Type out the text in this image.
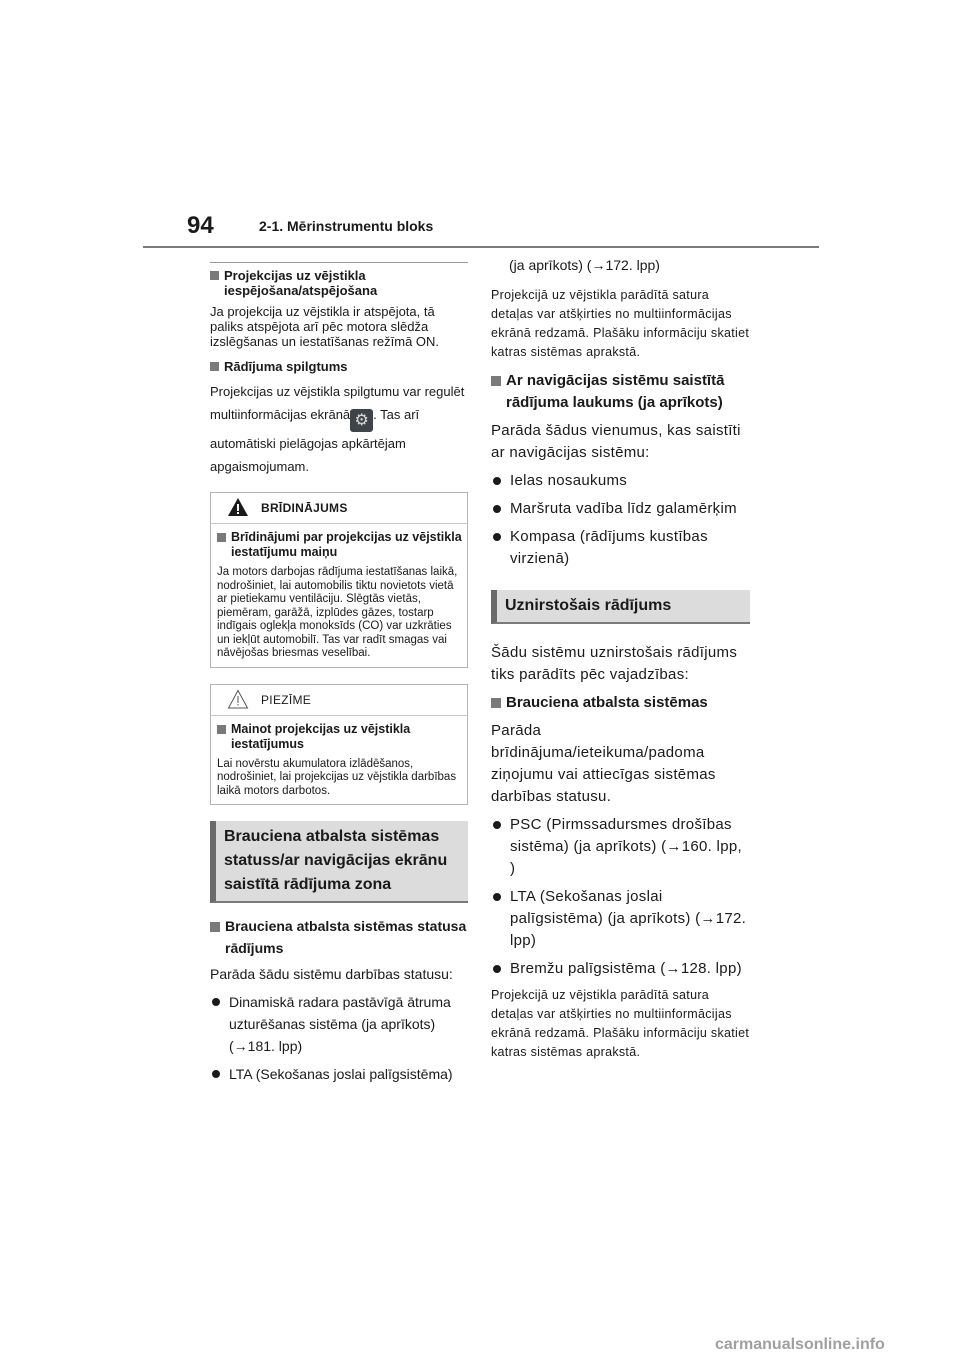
94	2-1. Mērinstrumentu bloks
Projekcijas uz vējstikla iespējošana/atspējošana

Ja projekcija uz vējstikla ir atspējota, tā paliks atspējota arī pēc motora slēdža izslēgšanas un iestatīšanas režīmā ON.

Rādījuma spilgtums

Projekcijas uz vējstikla spilgtumu var regulēt multiinformācijas ekrānā ⚙ . Tas arī automātiski pielāgojas apkārtējam apgaismojumam.

BRĪDINĀJUMS
Brīdinājumi par projekcijas uz vējstikla iestatījumu maiņu
Ja motors darbojas rādījuma iestatīšanas laikā, nodrošiniet, lai automobilis tiktu novietots vietā ar pietiekamu ventilāciju. Slēgtās vietās, piemēram, garāžā, izplūdes gāzes, tostarp indīgais oglekļa monoksīds (CO) var uzkrāties un iekļūt automobilī. Tas var radīt smagas vai nāvējošas briesmas veselībai.
PIEZĪME
Mainot projekcijas uz vējstikla iestatījumus
Lai novērstu akumulatora izlādēšanos, nodrošiniet, lai projekcijas uz vējstikla darbības laikā motors darbotos.
Brauciena atbalsta sistēmas statuss/ar navigācijas ekrānu saistītā rādījuma zona
Brauciena atbalsta sistēmas statusa rādījums

Parāda šādu sistēmu darbības statusu:

Dinamiskā radara pastāvīgā ātruma uzturēšanas sistēma (ja aprīkots) (→181. lpp)
LTA (Sekošanas joslai palīgsistēma)

(ja aprīkots) (→172. lpp)

Projekcijā uz vējstikla parādītā satura detaļas var atšķirties no multiinformācijas ekrānā redzamā. Plašāku informāciju skatiet katras sistēmas aprakstā.

Ar navigācijas sistēmu saistītā rādījuma laukums (ja aprīkots)

Parāda šādus vienumus, kas saistīti ar navigācijas sistēmu:

Ielas nosaukums
Maršruta vadība līdz galamērķim
Kompasa (rādījums kustības virzienā)
Uznirstošais rādījums

Šādu sistēmu uznirstošais rādījums tiks parādīts pēc vajadzības:

Brauciena atbalsta sistēmas

Parāda brīdinājuma/ieteikuma/padoma ziņojumu vai attiecīgas sistēmas darbības statusu.

PSC (Pirmssadursmes drošības sistēma) (ja aprīkots) (→160. lpp, )
LTA (Sekošanas joslai palīgsistēma) (ja aprīkots) (→172. lpp)
Bremžu palīgsistēma (→128. lpp)

Projekcijā uz vējstikla parādītā satura detaļas var atšķirties no multiinformācijas ekrānā redzamā. Plašāku informāciju skatiet katras sistēmas aprakstā.

carmanualsonline.info
